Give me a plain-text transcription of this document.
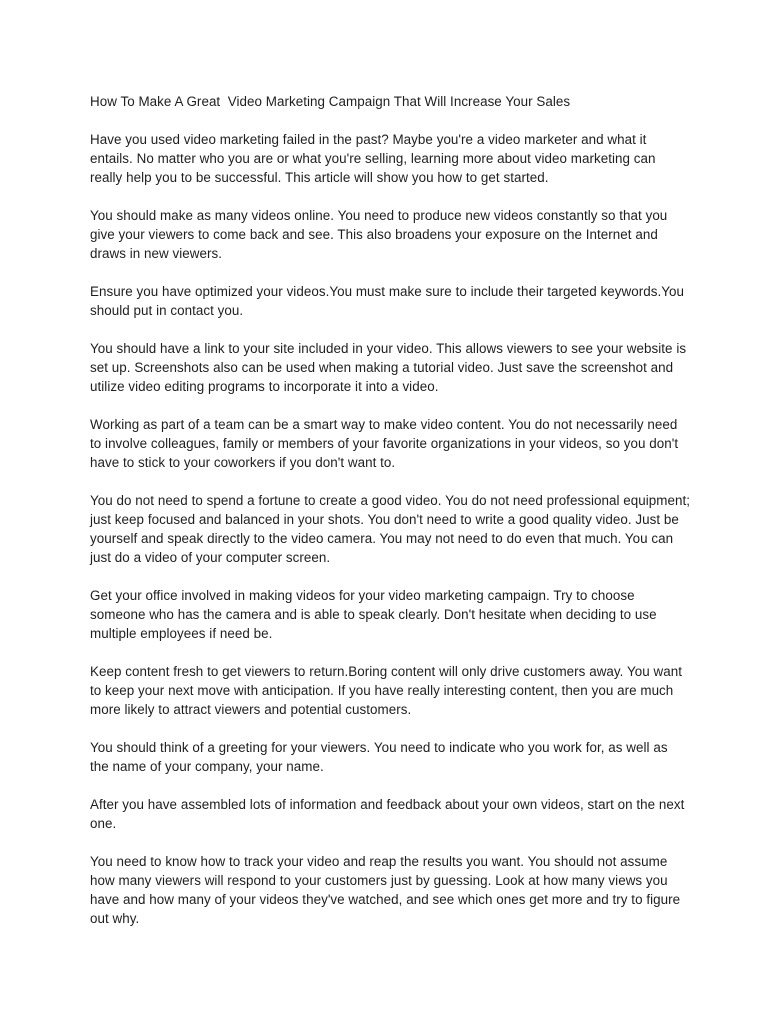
How To Make A Great  Video Marketing Campaign That Will Increase Your Sales

Have you used video marketing failed in the past? Maybe you're a video marketer and what it entails. No matter who you are or what you're selling, learning more about video marketing can really help you to be successful. This article will show you how to get started.

You should make as many videos online. You need to produce new videos constantly so that you give your viewers to come back and see. This also broadens your exposure on the Internet and draws in new viewers.

Ensure you have optimized your videos.You must make sure to include their targeted keywords.You should put in contact you.

You should have a link to your site included in your video. This allows viewers to see your website is set up. Screenshots also can be used when making a tutorial video. Just save the screenshot and utilize video editing programs to incorporate it into a video.

Working as part of a team can be a smart way to make video content. You do not necessarily need to involve colleagues, family or members of your favorite organizations in your videos, so you don't have to stick to your coworkers if you don't want to.

You do not need to spend a fortune to create a good video. You do not need professional equipment; just keep focused and balanced in your shots. You don't need to write a good quality video. Just be yourself and speak directly to the video camera. You may not need to do even that much. You can just do a video of your computer screen.

Get your office involved in making videos for your video marketing campaign. Try to choose someone who has the camera and is able to speak clearly. Don't hesitate when deciding to use multiple employees if need be.

Keep content fresh to get viewers to return.Boring content will only drive customers away. You want to keep your next move with anticipation. If you have really interesting content, then you are much more likely to attract viewers and potential customers.

You should think of a greeting for your viewers. You need to indicate who you work for, as well as the name of your company, your name.

After you have assembled lots of information and feedback about your own videos, start on the next one.

You need to know how to track your video and reap the results you want. You should not assume how many viewers will respond to your customers just by guessing. Look at how many views you have and how many of your videos they've watched, and see which ones get more and try to figure out why.
